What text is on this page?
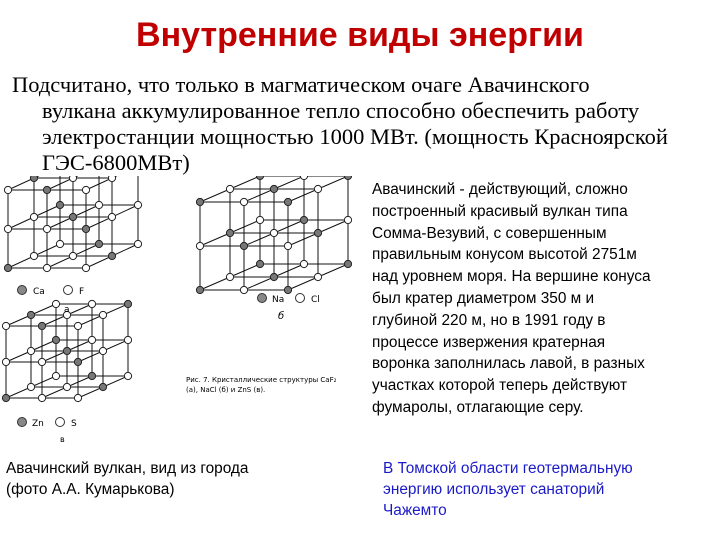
Внутренние виды энергии
Подсчитано, что только в магматическом очаге Авачинского
вулкана аккумулированное тепло способно обеспечить работу
электростанции мощностью 1000 МВт. (мощность Красноярской
ГЭС-6800МВт)
Ca	F
a
Na	Cl
б
Рис. 7. Кристаллические структуры CaF₂
(а), NaCl (б) и ZnS (в).
Zn	S
в
Авачинский - действующий, сложно
построенный красивый вулкан типа
Сомма-Везувий, с совершенным
правильным конусом высотой 2751м
над уровнем моря. На вершине конуса
был кратер диаметром 350 м и
глубиной 220 м, но в 1991 году в
процессе извержения кратерная
воронка заполнилась лавой, в разных
участках которой теперь действуют
фумаролы, отлагающие серу.
Авачинский вулкан, вид из города
(фото А.А. Кумарькова)
В Томской области геотермальную
энергию использует санаторий
Чажемто
